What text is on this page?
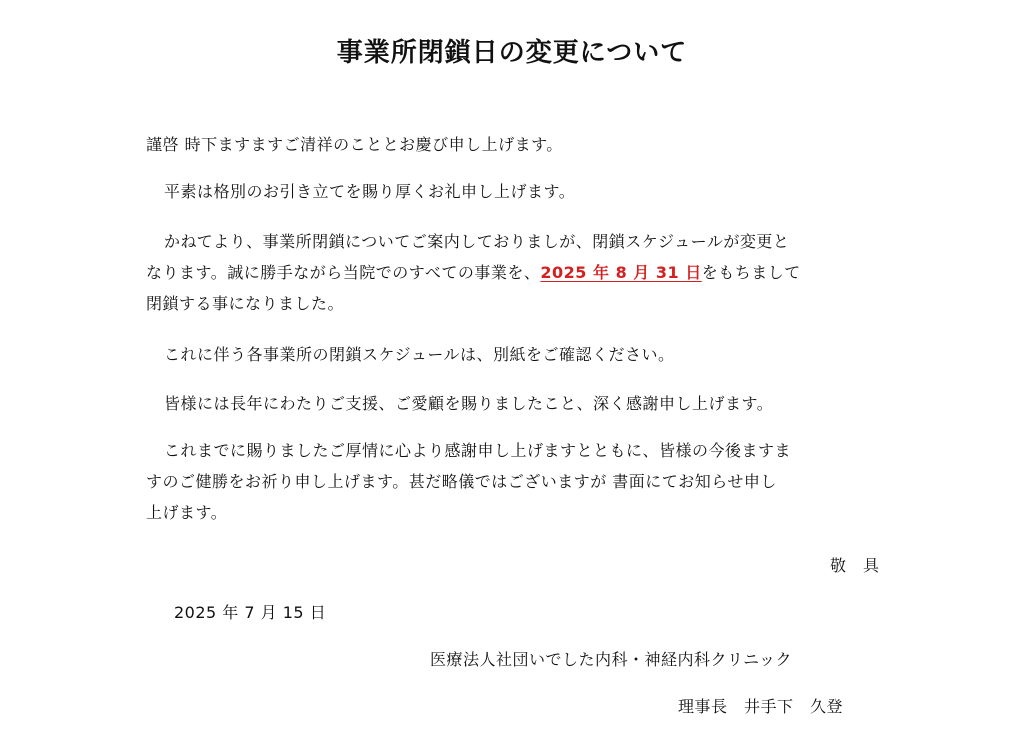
事業所閉鎖日の変更について
謹啓 時下ますますご清祥のこととお慶び申し上げます。
平素は格別のお引き立てを賜り厚くお礼申し上げます。
かねてより、事業所閉鎖についてご案内しておりましが、閉鎖スケジュールが変更と
なります。誠に勝手ながら当院でのすべての事業を、2025 年 8 月 31 日をもちまして
閉鎖する事になりました。
これに伴う各事業所の閉鎖スケジュールは、別紙をご確認ください。
皆様には長年にわたりご支援、ご愛顧を賜りましたこと、深く感謝申し上げます。
これまでに賜りましたご厚情に心より感謝申し上げますとともに、皆様の今後ますま
すのご健勝をお祈り申し上げます。甚だ略儀ではございますが 書面にてお知らせ申し
上げます。
敬　具
2025 年 7 月 15 日
医療法人社団いでした内科・神経内科クリニック
理事長　井手下　久登
